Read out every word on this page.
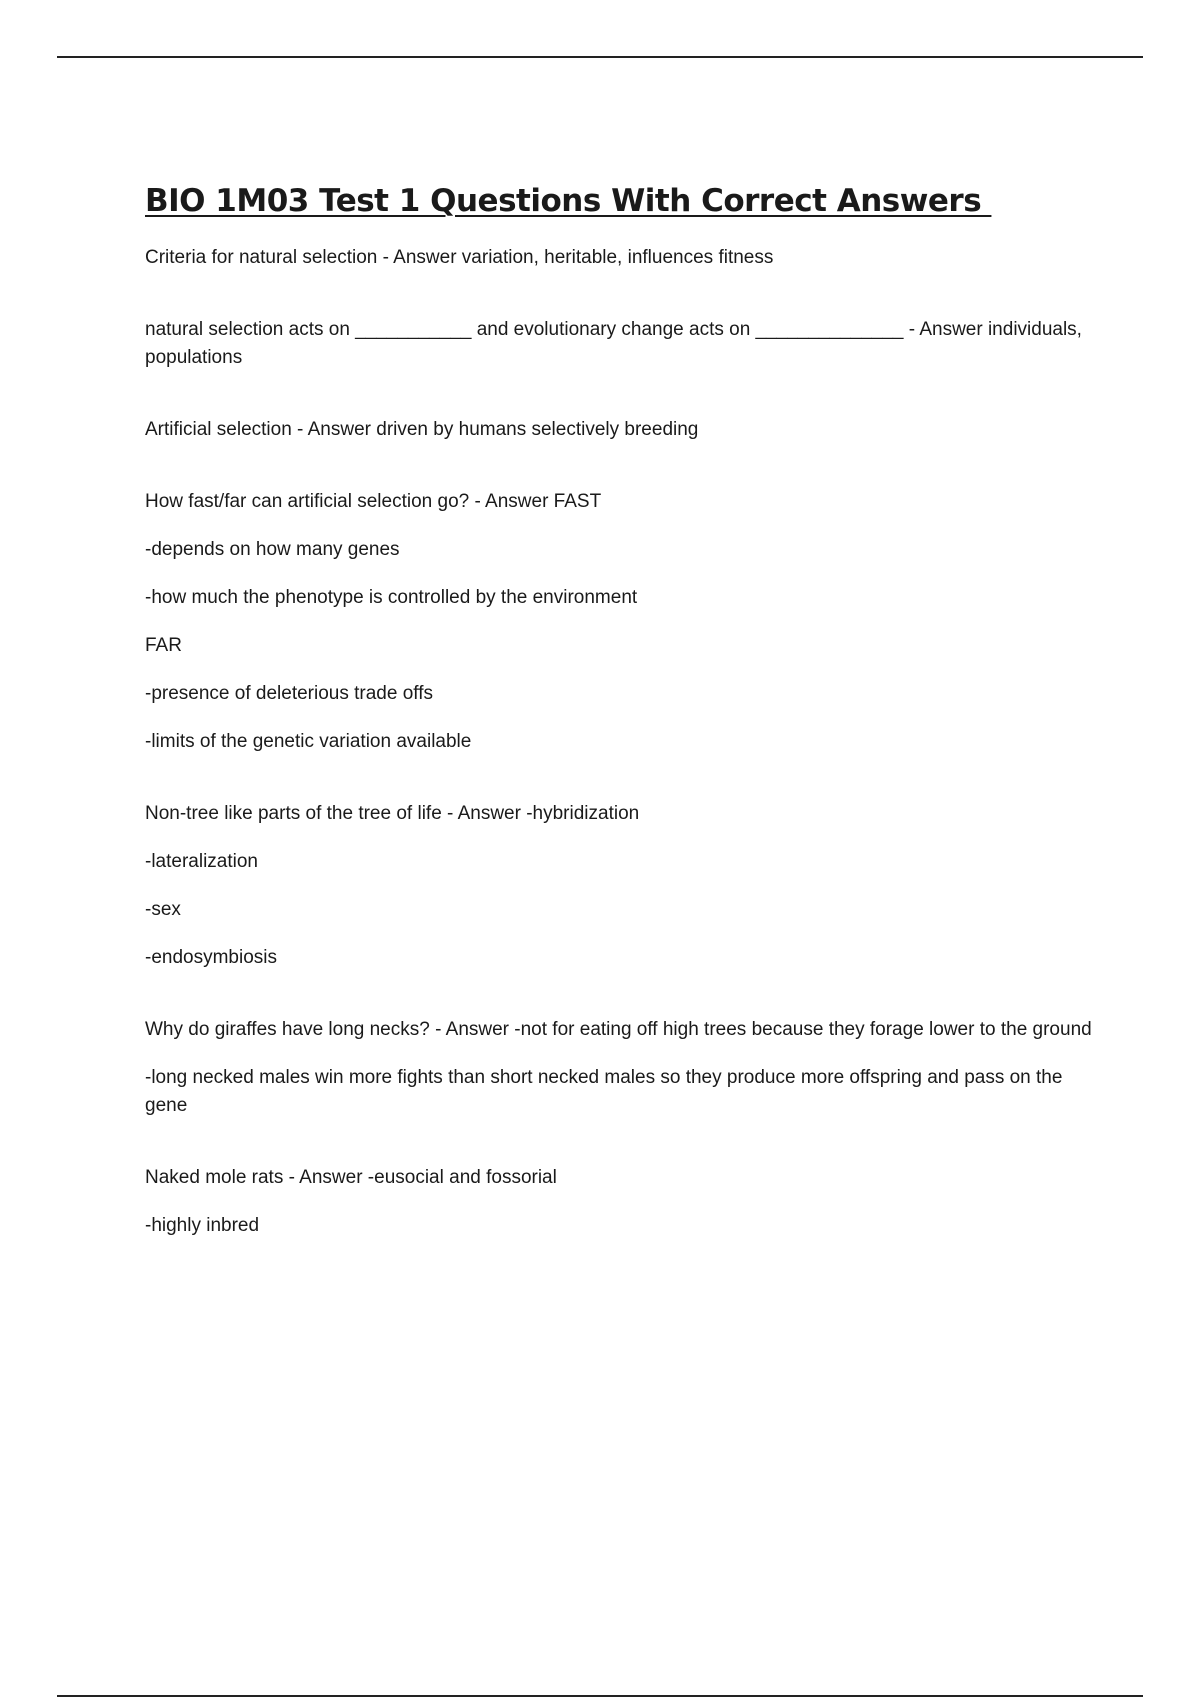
BIO 1M03 Test 1 Questions With Correct Answers

Criteria for natural selection - Answer variation, heritable, influences fitness

natural selection acts on ___________ and evolutionary change acts on ______________ - Answer individuals, populations

Artificial selection - Answer driven by humans selectively breeding

How fast/far can artificial selection go? - Answer FAST

-depends on how many genes

-how much the phenotype is controlled by the environment

FAR

-presence of deleterious trade offs

-limits of the genetic variation available

Non-tree like parts of the tree of life - Answer -hybridization

-lateralization

-sex

-endosymbiosis

Why do giraffes have long necks? - Answer -not for eating off high trees because they forage lower to the ground

-long necked males win more fights than short necked males so they produce more offspring and pass on the gene

Naked mole rats - Answer -eusocial and fossorial

-highly inbred
